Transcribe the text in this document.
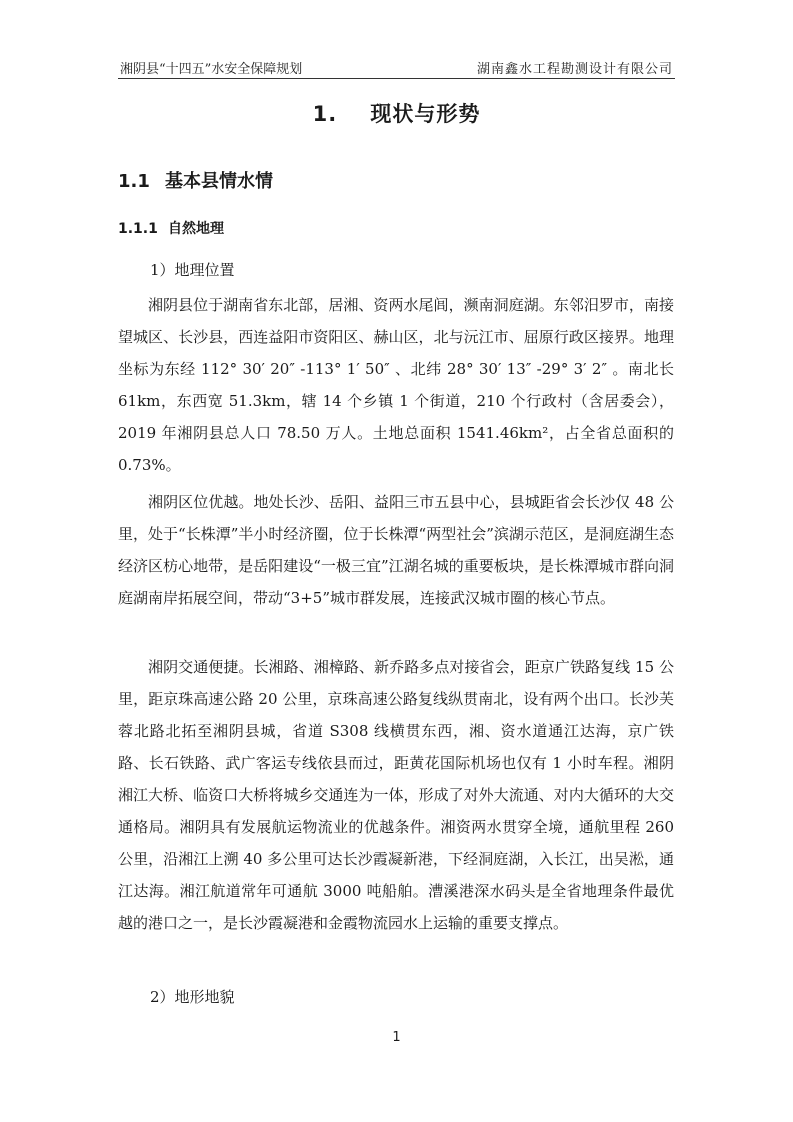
湘阴县“十四五”水安全保障规划	湖南鑫水工程勘测设计有限公司
1. 现状与形势
1.1 基本县情水情
1.1.1 自然地理
1）地理位置

湘阴县位于湖南省东北部，居湘、资两水尾闾，濒南洞庭湖。东邻汨罗市，南接望城区、长沙县，西连益阳市资阳区、赫山区，北与沅江市、屈原行政区接界。地理坐标为东经 112° 30′ 20″ -113° 1′ 50″ 、北纬 28° 30′ 13″ -29° 3′ 2″ 。南北长 61km，东西宽 51.3km，辖 14 个乡镇 1 个街道，210 个行政村（含居委会），2019 年湘阴县总人口 78.50 万人。土地总面积 1541.46km²，占全省总面积的 0.73%。

湘阴区位优越。地处长沙、岳阳、益阳三市五县中心，县城距省会长沙仅 48 公里，处于“长株潭”半小时经济圈，位于长株潭“两型社会”滨湖示范区，是洞庭湖生态经济区枋心地带，是岳阳建设“一极三宜”江湖名城的重要板块，是长株潭城市群向洞庭湖南岸拓展空间，带动“3+5”城市群发展，连接武汉城市圈的核心节点。

湘阴交通便捷。长湘路、湘樟路、新乔路多点对接省会，距京广铁路复线 15 公里，距京珠高速公路 20 公里，京珠高速公路复线纵贯南北，设有两个出口。长沙芙蓉北路北拓至湘阴县城，省道 S308 线横贯东西，湘、资水道通江达海，京广铁路、长石铁路、武广客运专线依县而过，距黄花国际机场也仅有 1 小时车程。湘阴湘江大桥、临资口大桥将城乡交通连为一体，形成了对外大流通、对内大循环的大交通格局。湘阴具有发展航运物流业的优越条件。湘资两水贯穿全境，通航里程 260 公里，沿湘江上溯 40 多公里可达长沙霞凝新港，下经洞庭湖，入长江，出吴淞，通江达海。湘江航道常年可通航 3000 吨船舶。漕溪港深水码头是全省地理条件最优越的港口之一，是长沙霞凝港和金霞物流园水上运输的重要支撑点。

2）地形地貌
1
